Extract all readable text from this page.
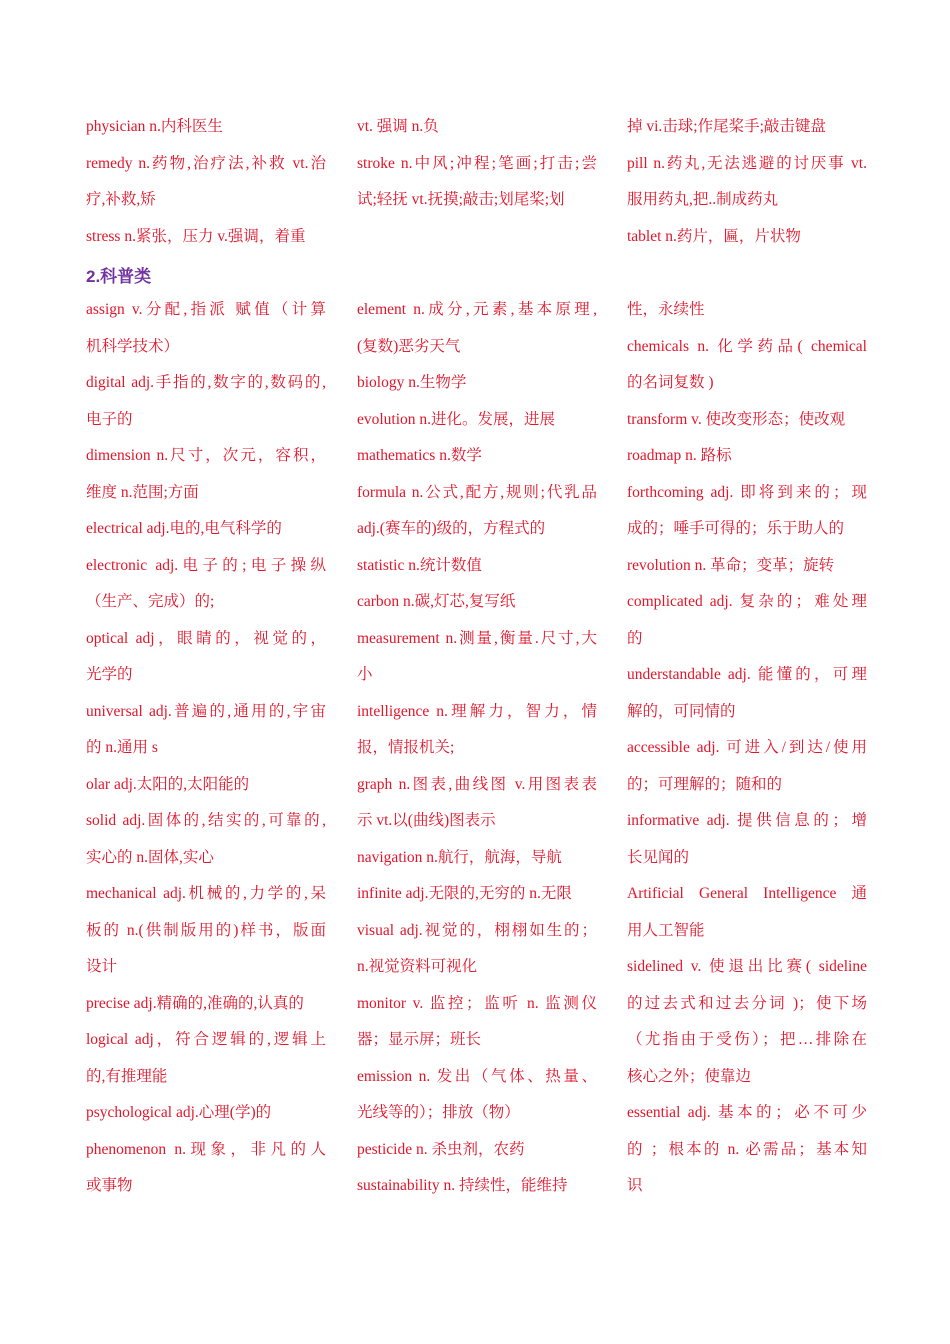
2.科普类
physician n.内科医生
remedy n.药物,治疗法,补救 vt.治
疗,补救,矫
stress n.紧张，压力 v.强调，着重
assign v.分配,指派 赋值（计算
机科学技术）
digital adj.手指的,数字的,数码的,
电子的
dimension n.尺寸，次元，容积，
维度 n.范围;方面
electrical adj.电的,电气科学的
electronic adj.电子的;电子操纵
（生产、完成）的;
optical adj，眼睛的，视觉的，
光学的
universal adj.普遍的,通用的,宇宙
的 n.通用 s
olar adj.太阳的,太阳能的
solid adj.固体的,结实的,可靠的,
实心的 n.固体,实心
mechanical adj.机械的,力学的,呆
板的 n.(供制版用的)样书，版面
设计
precise adj.精确的,准确的,认真的
logical adj，符合逻辑的,逻辑上
的,有推理能
psychological adj.心理(学)的
phenomenon n.现象，非凡的人
或事物
vt. 强调 n.负
stroke n.中风;冲程;笔画;打击;尝
试;轻抚 vt.抚摸;敲击;划尾桨;划
element n.成分,元素,基本原理,
(复数)恶劣天气
biology n.生物学
evolution n.进化。发展，进展
mathematics n.数学
formula n.公式,配方,规则;代乳品
adj.(赛车的)级的，方程式的
statistic n.统计数值
carbon n.碳,灯芯,复写纸
measurement n.测量,衡量.尺寸,大
小
intelligence n.理解力，智力，情
报，情报机关;
graph n.图表,曲线图 v.用图表表
示 vt.以(曲线)图表示
navigation n.航行，航海，导航
infinite adj.无限的,无穷的 n.无限
visual adj.视觉的，栩栩如生的；
n.视觉资料可视化
monitor v. 监控；监听 n. 监测仪
器；显示屏；班长
emission n. 发出（气体、热量、
光线等的）；排放（物）
pesticide n. 杀虫剂，农药
sustainability n. 持续性，能维持
掉 vi.击球;作尾桨手;敲击键盘
pill n.药丸,无法逃避的讨厌事 vt.
服用药丸,把..制成药丸
tablet n.药片，匾，片状物
性，永续性
chemicals n. 化学药品( chemical
的名词复数 )
transform v. 使改变形态；使改观
roadmap n. 路标
forthcoming adj. 即将到来的；现
成的；唾手可得的；乐于助人的
revolution n. 革命；变革；旋转
complicated adj. 复杂的；难处理
的
understandable adj. 能懂的，可理
解的，可同情的
accessible adj. 可进入/到达/使用
的；可理解的；随和的
informative adj. 提供信息的；增
长见闻的
Artificial General Intelligence 通
用人工智能
sidelined v. 使退出比赛( sideline
的过去式和过去分词 )；使下场
（尤指由于受伤）；把…排除在
核心之外；使靠边
essential adj. 基本的；必不可少
的 ；根本的 n. 必需品；基本知
识
